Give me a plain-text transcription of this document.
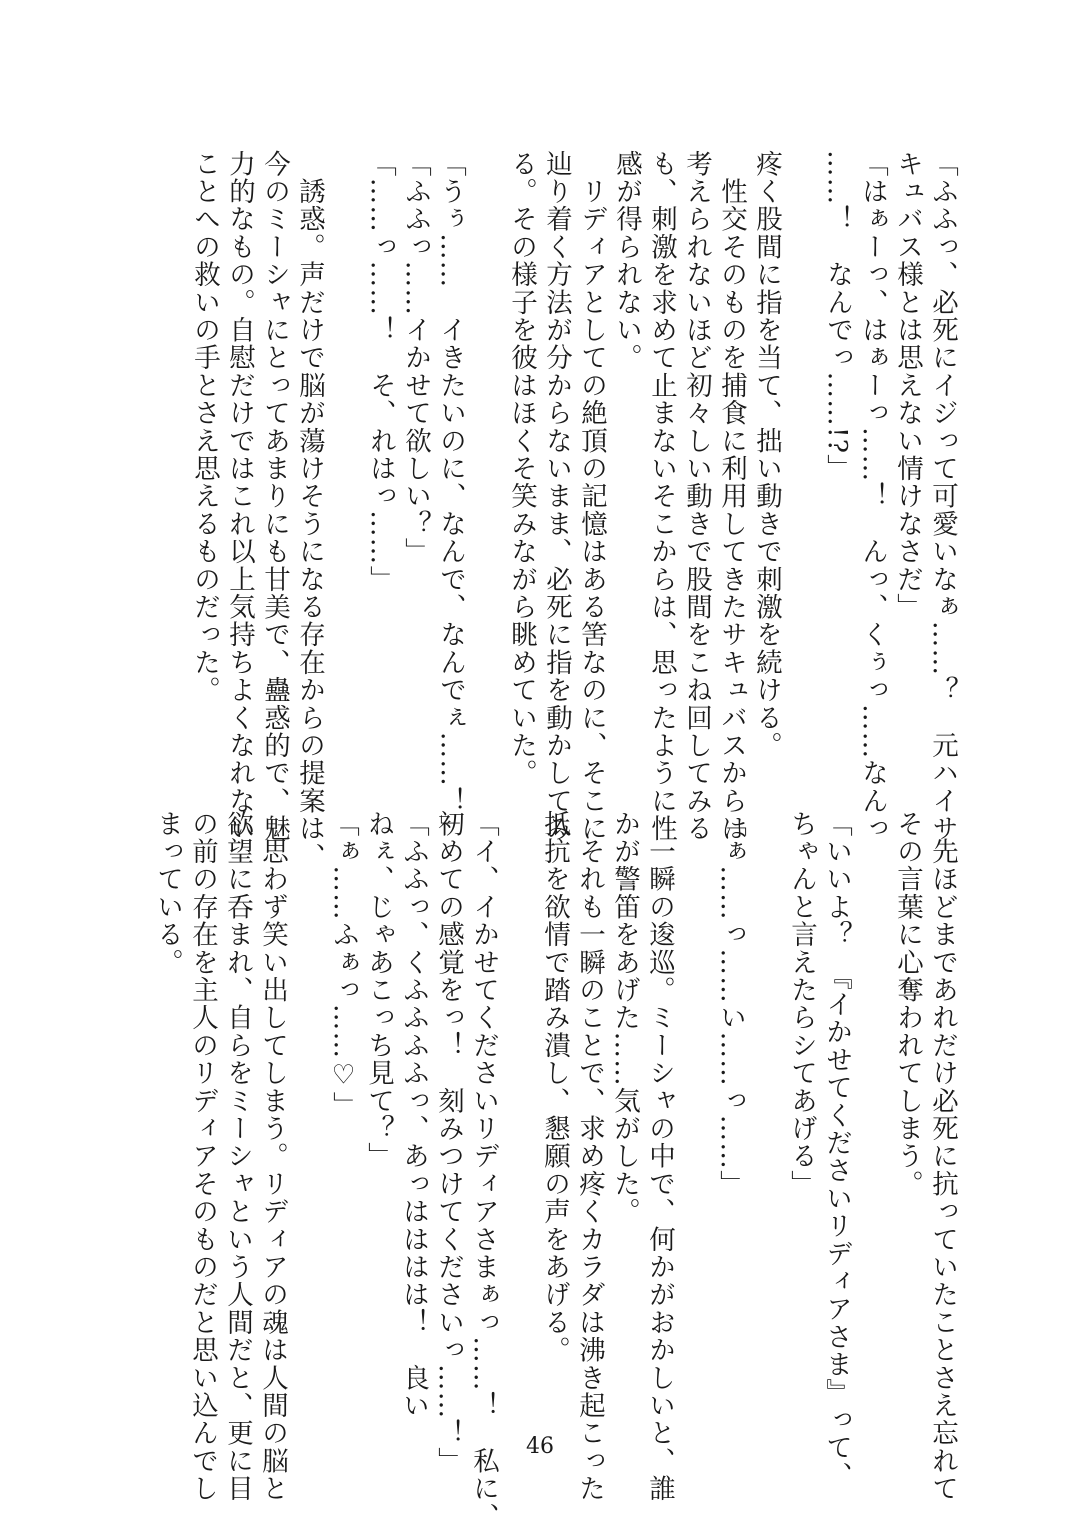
「ふふっ、必死にイジって可愛いなぁ……？　元ハイサ
キュバス様とは思えない情けなさだ」
「はぁーっ、はぁーっ……！　んっ、くぅっ……なんっ
……！　なんでっ……!?」
疼く股間に指を当て、拙い動きで刺激を続ける。
　性交そのものを捕食に利用してきたサキュバスからは
考えられないほど初々しい動きで股間をこね回してみる
も、刺激を求めて止まないそこからは、思ったように性
感が得られない。
　リディアとしての絶頂の記憶はある筈なのに、そこに
辿り着く方法が分からないまま、必死に指を動かしてみ
る。その様子を彼はほくそ笑みながら眺めていた。
「うぅ……　イきたいのに、なんで、なんでぇ……！」
「ふふっ……イかせて欲しい？」
「……っ……！　そ、れはっ……」
　誘惑。声だけで脳が蕩けそうになる存在からの提案は、
今のミーシャにとってあまりにも甘美で、蠱惑的で、魅
力的なもの。自慰だけではこれ以上気持ちよくなれない
ことへの救いの手とさえ思えるものだった。
　先ほどまであれだけ必死に抗っていたことさえ忘れて
その言葉に心奪われてしまう。
「いいよ？　『イかせてくださいリディアさま』って、
ちゃんと言えたらシてあげる」
「ぁ……っ……い……っ……」
　一瞬の逡巡。ミーシャの中で、何かがおかしいと、誰
かが警笛をあげた……気がした。
　それも一瞬のことで、求め疼くカラダは沸き起こった
抵抗を欲情で踏み潰し、懇願の声をあげる。
「イ、イかせてくださいリディアさまぁっ……！　私に、
初めての感覚をっ！　刻みつけてくださいっ……！」
「ふふっ、くふふふふっ、あっはははは！　良い
ねぇ、じゃあこっち見て？」
「ぁ……ふぁっ……♡」
　思わず笑い出してしまう。リディアの魂は人間の脳と
欲望に呑まれ、自らをミーシャという人間だと、更に目
の前の存在を主人のリディアそのものだと思い込んでし
まっている。
46
